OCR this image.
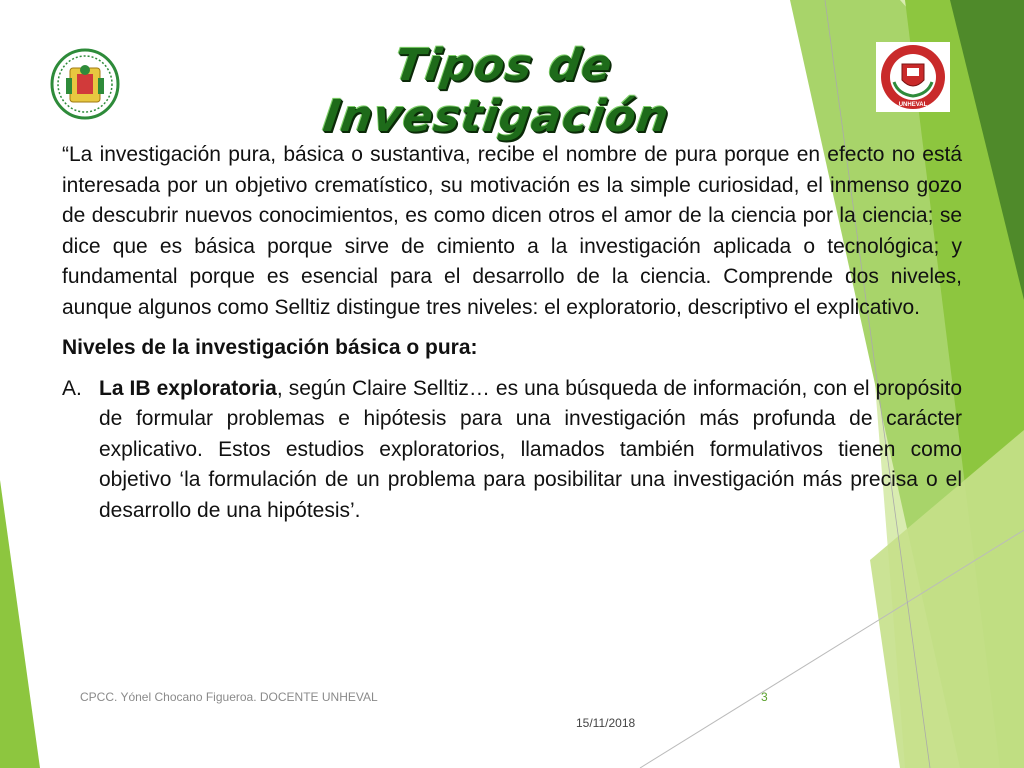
UNHEVAL
Tipos de Investigación

“La investigación pura, básica o sustantiva, recibe el nombre de pura porque en efecto no está interesada por un objetivo crematístico, su motivación es la simple curiosidad, el inmenso gozo de descubrir nuevos conocimientos, es como dicen otros el amor de la ciencia por la ciencia; se dice que es básica porque sirve de cimiento a la investigación aplicada o tecnológica; y fundamental porque es esencial para el desarrollo de la ciencia. Comprende dos niveles, aunque algunos como Selltiz distingue tres niveles: el exploratorio, descriptivo el explicativo.

Niveles de la investigación básica o pura:

A. La IB exploratoria, según Claire Selltiz… es una búsqueda de información, con el propósito de formular problemas e hipótesis para una investigación más profunda de carácter explicativo. Estos estudios exploratorios, llamados también formulativos tienen como objetivo ‘la formulación de un problema para posibilitar una investigación más precisa o el desarrollo de una hipótesis’.
CPCC. Yónel Chocano Figueroa. DOCENTE UNHEVAL	3
15/11/2018
